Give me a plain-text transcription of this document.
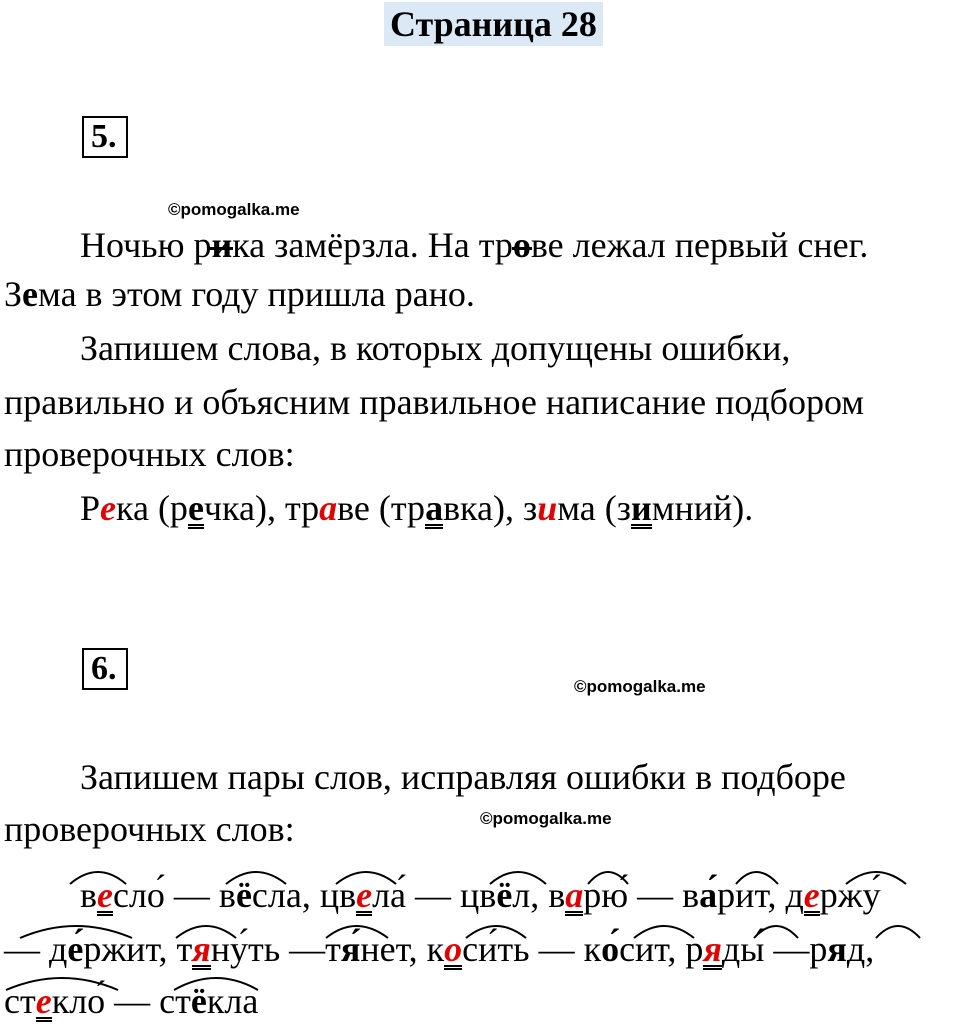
Страница 28
5.
©pomogalka.me
Ночью рика замёрзла. На трове лежал первый снег.
Зема в этом году пришла рано.
Запишем слова, в которых допущены ошибки,
правильно и объясним правильное написание подбором
проверочных слов:
Река (речка), траве (травка), зима (зимний).
6.	©pomogalka.me
Запишем пары слов, исправляя ошибки в подборе
©pomogalka.me
проверочных слов:
весло́ — вёсла, цвела́ — цвёл, варю́ — ва́рит, держу́
— де́ржит, тяну́ть —тя́нет, коси́ть — ко́сит, ряды́ —ряд,
стекло́ — стёкла
